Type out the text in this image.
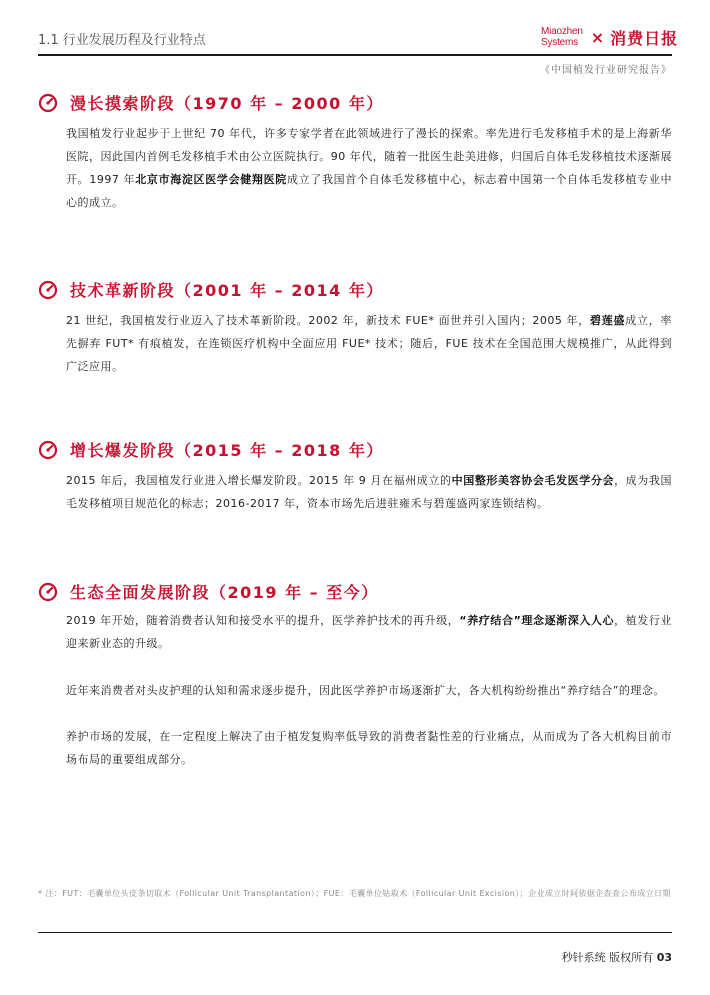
1.1 行业发展历程及行业特点
Miaozhen
Systems × 消费日报
《中国植发行业研究报告》
漫长摸索阶段（1970 年 – 2000 年）
我国植发行业起步于上世纪 70 年代，许多专家学者在此领域进行了漫长的探索。率先进行毛发移植手术的是上海新华医院，因此国内首例毛发移植手术由公立医院执行。90 年代，随着一批医生赴美进修，归国后自体毛发移植技术逐渐展开。1997 年北京市海淀区医学会健翔医院成立了我国首个自体毛发移植中心，标志着中国第一个自体毛发移植专业中心的成立。
技术革新阶段（2001 年 – 2014 年）
21 世纪，我国植发行业迈入了技术革新阶段。2002 年，新技术 FUE* 面世并引入国内；2005 年，碧莲盛成立，率先摒弃 FUT* 有痕植发，在连锁医疗机构中全面应用 FUE* 技术；随后，FUE 技术在全国范围大规模推广，从此得到广泛应用。
增长爆发阶段（2015 年 – 2018 年）
2015 年后，我国植发行业进入增长爆发阶段。2015 年 9 月在福州成立的中国整形美容协会毛发医学分会，成为我国毛发移植项目规范化的标志；2016-2017 年，资本市场先后进驻雍禾与碧莲盛两家连锁结构。
生态全面发展阶段（2019 年 – 至今）
2019 年开始，随着消费者认知和接受水平的提升，医学养护技术的再升级，“养疗结合”理念逐渐深入人心，植发行业迎来新业态的升级。
近年来消费者对头皮护理的认知和需求逐步提升，因此医学养护市场逐渐扩大，各大机构纷纷推出“养疗结合”的理念。
养护市场的发展，在一定程度上解决了由于植发复购率低导致的消费者黏性差的行业痛点，从而成为了各大机构目前市场布局的重要组成部分。
* 注：FUT：毛囊单位头皮条切取术（Follicular Unit Transplantation）；FUE：毛囊单位钻取术（Follicular Unit Excision）；企业成立时间依据企查查公布成立日期
秒针系统 版权所有 03
